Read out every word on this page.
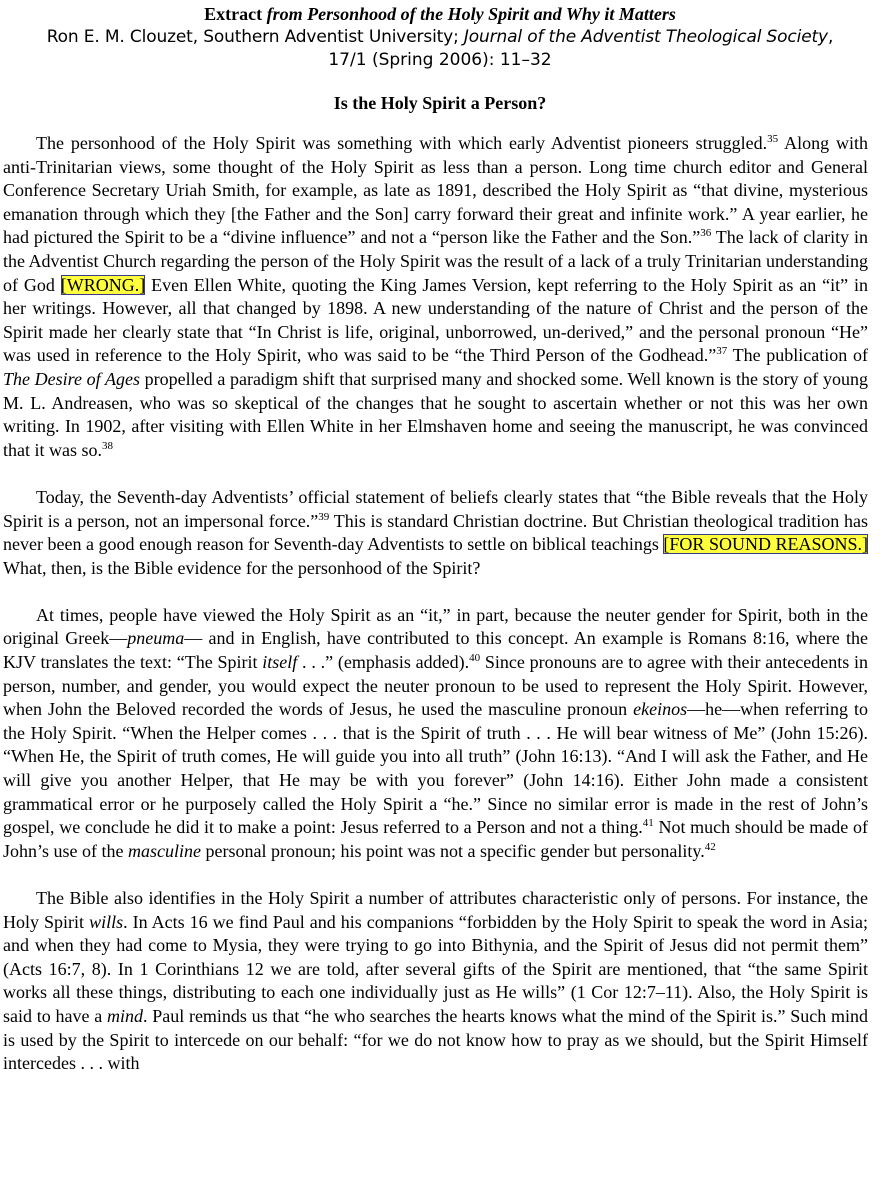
Extract from Personhood of the Holy Spirit and Why it Matters
Ron E. M. Clouzet, Southern Adventist University; Journal of the Adventist Theological Society,
17/1 (Spring 2006): 11–32
Is the Holy Spirit a Person?

The personhood of the Holy Spirit was something with which early Adventist pioneers struggled.$^{35}$ Along with anti-Trinitarian views, some thought of the Holy Spirit as less than a person. Long time church editor and General Conference Secretary Uriah Smith, for example, as late as 1891, described the Holy Spirit as “that divine, mysterious emanation through which they [the Father and the Son] carry forward their great and infinite work.” A year earlier, he had pictured the Spirit to be a “divine influence” and not a “person like the Father and the Son.”$^{36}$ The lack of clarity in the Adventist Church regarding the person of the Holy Spirit was the result of a lack of a truly Trinitarian understanding of God [WRONG.] Even Ellen White, quoting the King James Version, kept referring to the Holy Spirit as an “it” in her writings. However, all that changed by 1898. A new understanding of the nature of Christ and the person of the Spirit made her clearly state that “In Christ is life, original, unborrowed, un-derived,” and the personal pronoun “He” was used in reference to the Holy Spirit, who was said to be “the Third Person of the Godhead.”$^{37}$ The publication of The Desire of Ages propelled a paradigm shift that surprised many and shocked some. Well known is the story of young M. L. Andreasen, who was so skeptical of the changes that he sought to ascertain whether or not this was her own writing. In 1902, after visiting with Ellen White in her Elmshaven home and seeing the manuscript, he was convinced that it was so.$^{38}$

Today, the Seventh-day Adventists’ official statement of beliefs clearly states that “the Bible reveals that the Holy Spirit is a person, not an impersonal force.”$^{39}$ This is standard Christian doctrine. But Christian theological tradition has never been a good enough reason for Seventh-day Adventists to settle on biblical teachings [FOR SOUND REASONS.] What, then, is the Bible evidence for the personhood of the Spirit?

At times, people have viewed the Holy Spirit as an “it,” in part, because the neuter gender for Spirit, both in the original Greek—pneuma— and in English, have contributed to this concept. An example is Romans 8:16, where the KJV translates the text: “The Spirit itself . . .” (emphasis added).$^{40}$ Since pronouns are to agree with their antecedents in person, number, and gender, you would expect the neuter pronoun to be used to represent the Holy Spirit. However, when John the Beloved recorded the words of Jesus, he used the masculine pronoun ekeinos—he—when referring to the Holy Spirit. “When the Helper comes . . . that is the Spirit of truth . . . He will bear witness of Me” (John 15:26). “When He, the Spirit of truth comes, He will guide you into all truth” (John 16:13). “And I will ask the Father, and He will give you another Helper, that He may be with you forever” (John 14:16). Either John made a consistent grammatical error or he purposely called the Holy Spirit a “he.” Since no similar error is made in the rest of John’s gospel, we conclude he did it to make a point: Jesus referred to a Person and not a thing.$^{41}$ Not much should be made of John’s use of the masculine personal pronoun; his point was not a specific gender but personality.$^{42}$

The Bible also identifies in the Holy Spirit a number of attributes characteristic only of persons. For instance, the Holy Spirit wills. In Acts 16 we find Paul and his companions “forbidden by the Holy Spirit to speak the word in Asia; and when they had come to Mysia, they were trying to go into Bithynia, and the Spirit of Jesus did not permit them” (Acts 16:7, 8). In 1 Corinthians 12 we are told, after several gifts of the Spirit are mentioned, that “the same Spirit works all these things, distributing to each one individually just as He wills” (1 Cor 12:7–11). Also, the Holy Spirit is said to have a mind. Paul reminds us that “he who searches the hearts knows what the mind of the Spirit is.” Such mind is used by the Spirit to intercede on our behalf: “for we do not know how to pray as we should, but the Spirit Himself intercedes . . . with
